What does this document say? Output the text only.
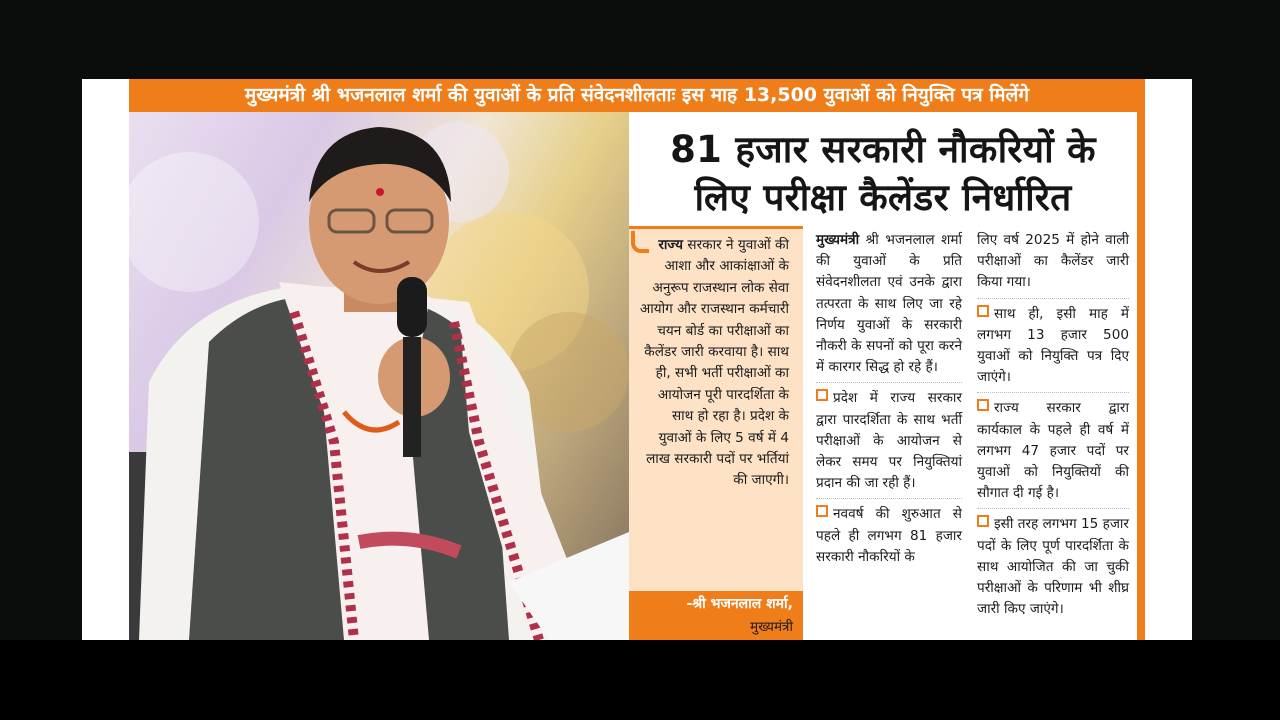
मुख्यमंत्री श्री भजनलाल शर्मा की युवाओं के प्रति संवेदनशीलताः इस माह 13,500 युवाओं को नियुक्ति पत्र मिलेंगे
81 हजार सरकारी नौकरियों के
लिए परीक्षा कैलेंडर निर्धारित
राज्य सरकार ने युवाओं की आशा और आकांक्षाओं के अनुरूप राजस्थान लोक सेवा आयोग और राजस्थान कर्मचारी चयन बोर्ड का परीक्षाओं का कैलेंडर जारी करवाया है। साथ ही, सभी भर्ती परीक्षाओं का आयोजन पूरी पारदर्शिता के साथ हो रहा है। प्रदेश के युवाओं के लिए 5 वर्ष में 4 लाख सरकारी पदों पर भर्तियां की जाएगी।
-श्री भजनलाल शर्मा,
मुख्यमंत्री
मुख्यमंत्री श्री भजनलाल शर्मा की युवाओं के प्रति संवेदनशीलता एवं उनके द्वारा तत्परता के साथ लिए जा रहे निर्णय युवाओं के सरकारी नौकरी के सपनों को पूरा करने में कारगर सिद्ध हो रहे हैं।
प्रदेश में राज्य सरकार द्वारा पारदर्शिता के साथ भर्ती परीक्षाओं के आयोजन से लेकर समय पर नियुक्तियां प्रदान की जा रही हैं।
नववर्ष की शुरुआत से पहले ही लगभग 81 हजार सरकारी नौकरियों के
लिए वर्ष 2025 में होने वाली परीक्षाओं का कैलेंडर जारी किया गया।
साथ ही, इसी माह में लगभग 13 हजार 500 युवाओं को नियुक्ति पत्र दिए जाएंगे।
राज्य सरकार द्वारा कार्यकाल के पहले ही वर्ष में लगभग 47 हजार पदों पर युवाओं को नियुक्तियों की सौगात दी गई है।
इसी तरह लगभग 15 हजार पदों के लिए पूर्ण पारदर्शिता के साथ आयोजित की जा चुकी परीक्षाओं के परिणाम भी शीघ्र जारी किए जाएंगे।
